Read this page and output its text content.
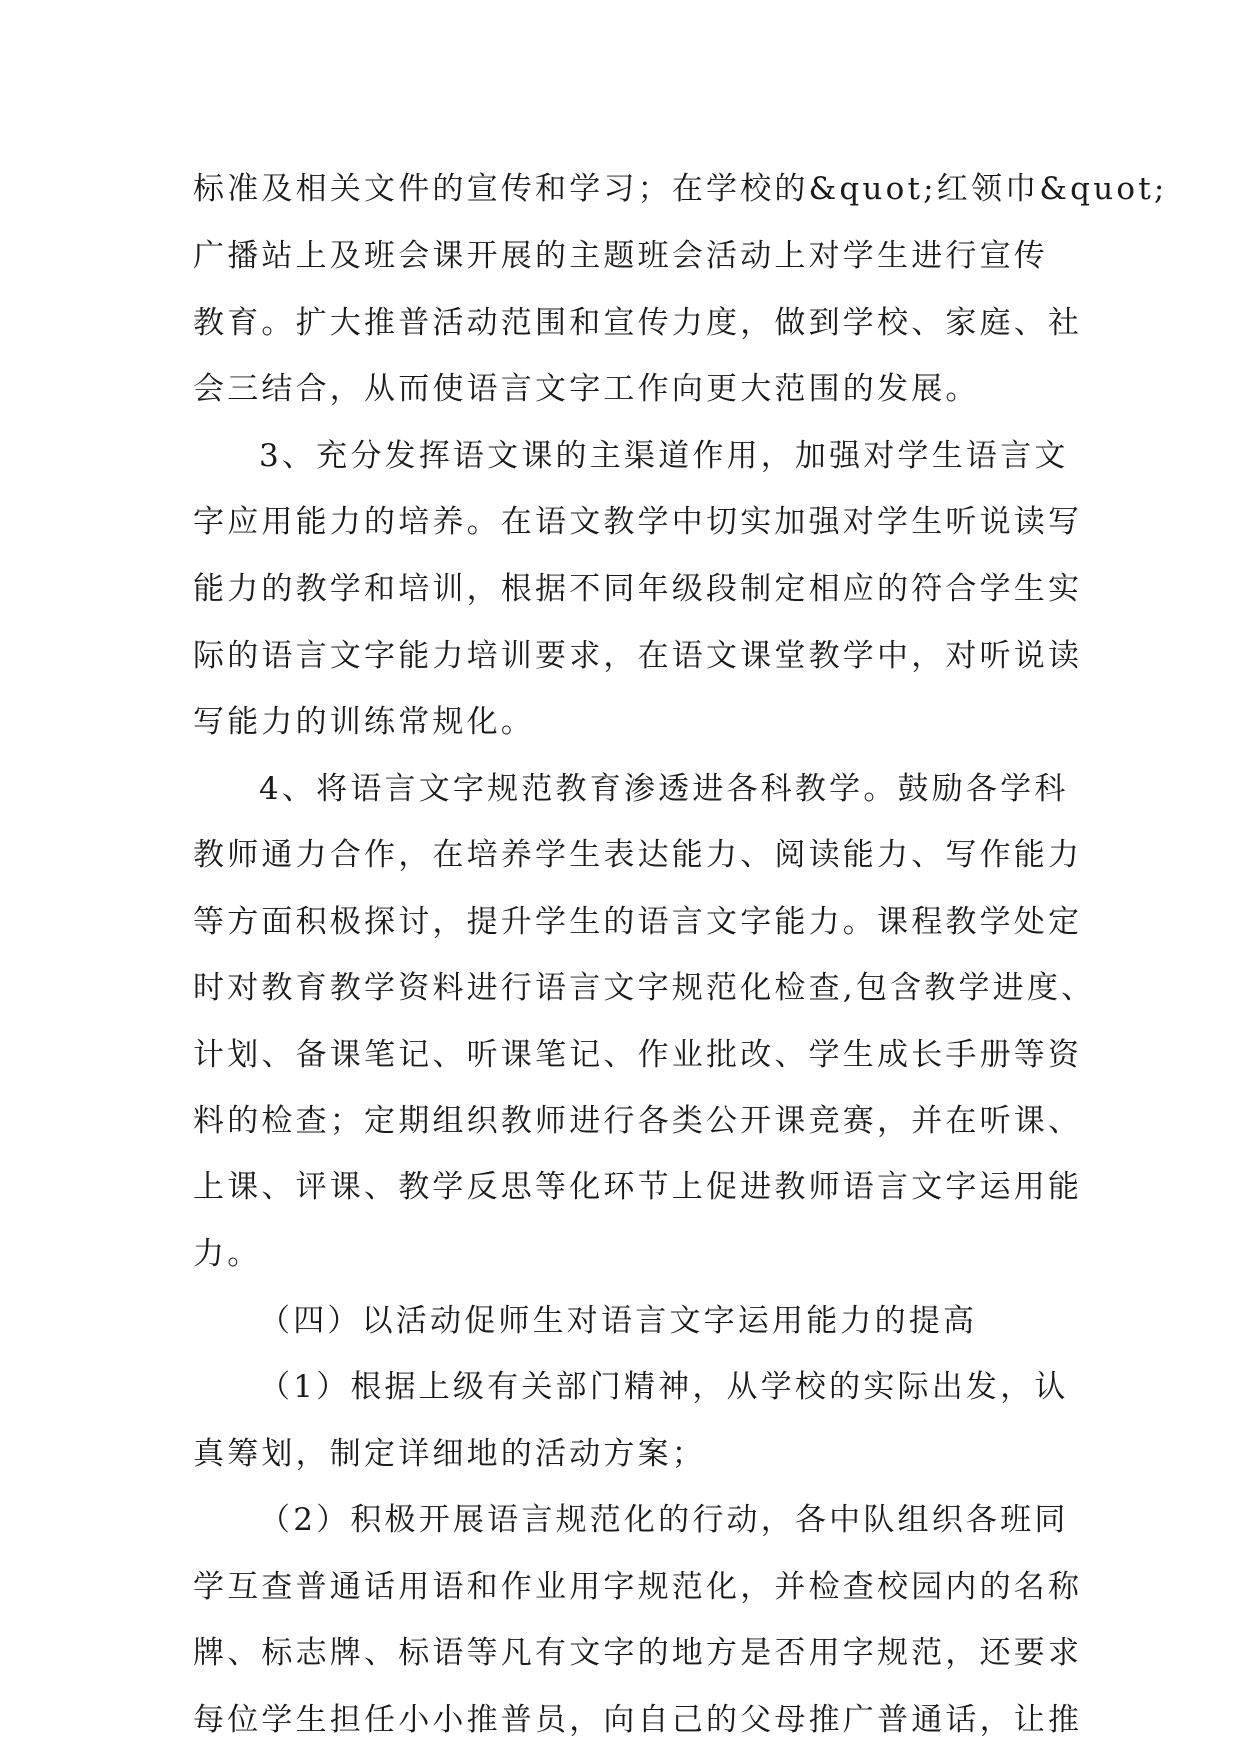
标准及相关文件的宣传和学习；在学校的&quot;红领巾&quot;
广播站上及班会课开展的主题班会活动上对学生进行宣传
教育。扩大推普活动范围和宣传力度，做到学校、家庭、社
会三结合，从而使语言文字工作向更大范围的发展。
3、充分发挥语文课的主渠道作用，加强对学生语言文
字应用能力的培养。在语文教学中切实加强对学生听说读写
能力的教学和培训，根据不同年级段制定相应的符合学生实
际的语言文字能力培训要求，在语文课堂教学中，对听说读
写能力的训练常规化。
4、将语言文字规范教育渗透进各科教学。鼓励各学科
教师通力合作，在培养学生表达能力、阅读能力、写作能力
等方面积极探讨，提升学生的语言文字能力。课程教学处定
时对教育教学资料进行语言文字规范化检查,包含教学进度、
计划、备课笔记、听课笔记、作业批改、学生成长手册等资
料的检查；定期组织教师进行各类公开课竞赛，并在听课、
上课、评课、教学反思等化环节上促进教师语言文字运用能
力。
（四）以活动促师生对语言文字运用能力的提高
（1）根据上级有关部门精神，从学校的实际出发，认
真筹划，制定详细地的活动方案；
（2）积极开展语言规范化的行动，各中队组织各班同
学互查普通话用语和作业用字规范化，并检查校园内的名称
牌、标志牌、标语等凡有文字的地方是否用字规范，还要求
每位学生担任小小推普员，向自己的父母推广普通话，让推
